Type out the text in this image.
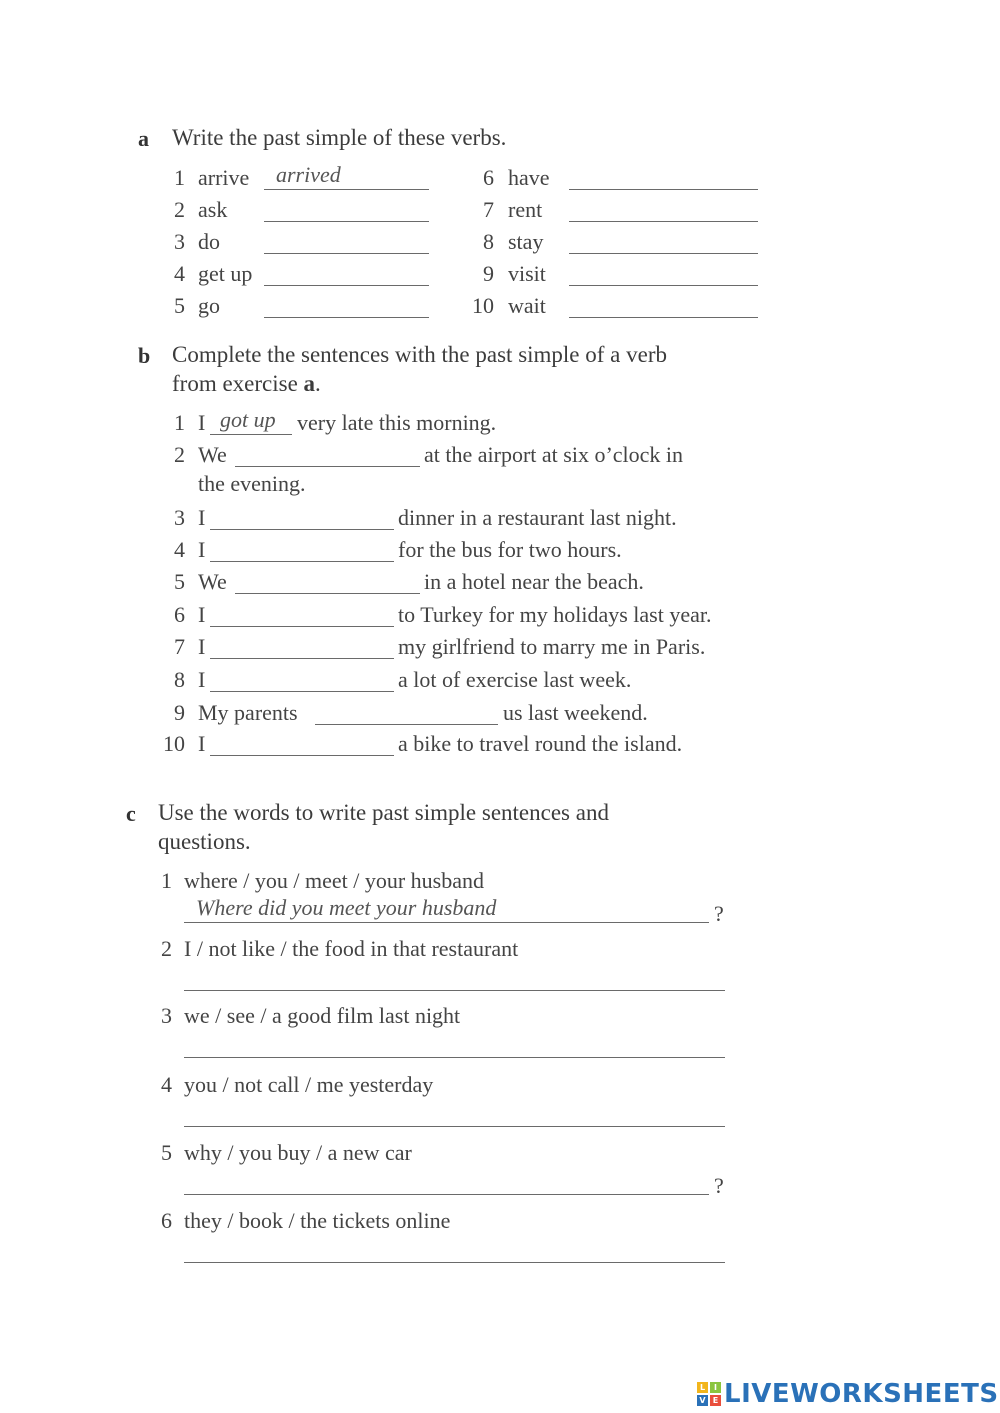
a Write the past simple of these verbs.
1 arrive arrived
2 ask
3 do
4 get up
5 go
6 have
7 rent
8 stay
9 visit
10 wait
b Complete the sentences with the past simple of a verb
from exercise a.
1 I got up very late this morning.
2 We	at the airport at six o’clock in
the evening.
3 I	dinner in a restaurant last night.
4 I	for the bus for two hours.
5 We	in a hotel near the beach.
6 I	to Turkey for my holidays last year.
7 I	my girlfriend to marry me in Paris.
8 I	a lot of exercise last week.
9 My parents	us last weekend.
10 I	a bike to travel round the island.
c Use the words to write past simple sentences and
questions.
1 where / you / meet / your husband
Where did you meet your husband	?
2 I / not like / the food in that restaurant
3 we / see / a good film last night
4 you / not call / me yesterday
5 why / you buy / a new car
?
6 they / book / the tickets online
L	I
V E LIVEWORKSHEETS
